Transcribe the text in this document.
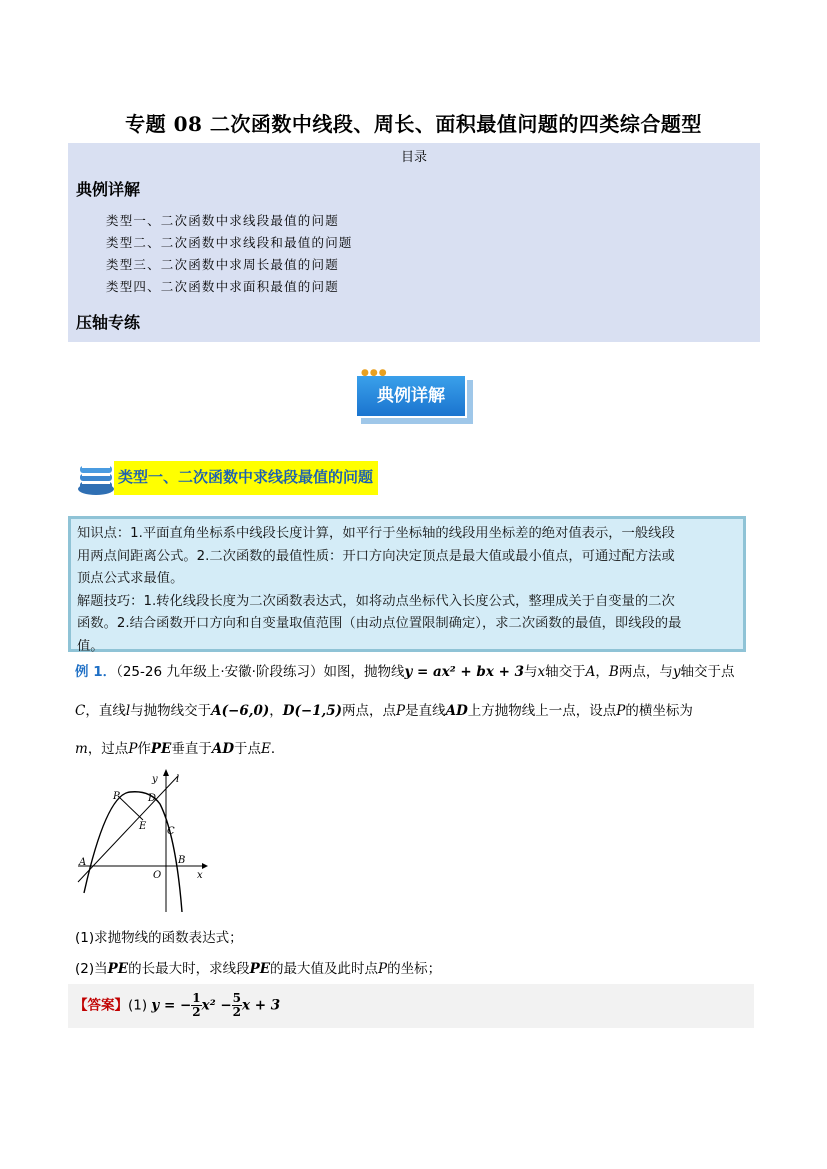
专题 08 二次函数中线段、周长、面积最值问题的四类综合题型
目录
典例详解
类型一、二次函数中求线段最值的问题
类型二、二次函数中求线段和最值的问题
类型三、二次函数中求周长最值的问题
类型四、二次函数中求面积最值的问题
压轴专练
典例详解
●●●
类型一、二次函数中求线段最值的问题
知识点：1.平面直角坐标系中线段长度计算，如平行于坐标轴的线段用坐标差的绝对值表示，一般线段
用两点间距离公式。2.二次函数的最值性质：开口方向决定顶点是最大值或最小值点，可通过配方法或
顶点公式求最值。
解题技巧：1.转化线段长度为二次函数表达式，如将动点坐标代入长度公式，整理成关于自变量的二次
函数。2.结合函数开口方向和自变量取值范围（由动点位置限制确定），求二次函数的最值，即线段的最
值。
例 1．（25-26 九年级上·安徽·阶段练习）如图，抛物线y = ax² + bx + 3与x轴交于A，B两点，与y轴交于点
C，直线l与抛物线交于A(−6,0)，D(−1,5)两点，点P是直线AD上方抛物线上一点，设点P的横坐标为
m，过点P作PE垂直于AD于点E．
y l
P	D
E C
A	B
O	x
(1)求抛物线的函数表达式；
(2)当PE的长最大时，求线段PE的最大值及此时点P的坐标；
【答案】(1) y = − $\frac{1}{2} x^2 - \frac{5}{2}$ x + 3
